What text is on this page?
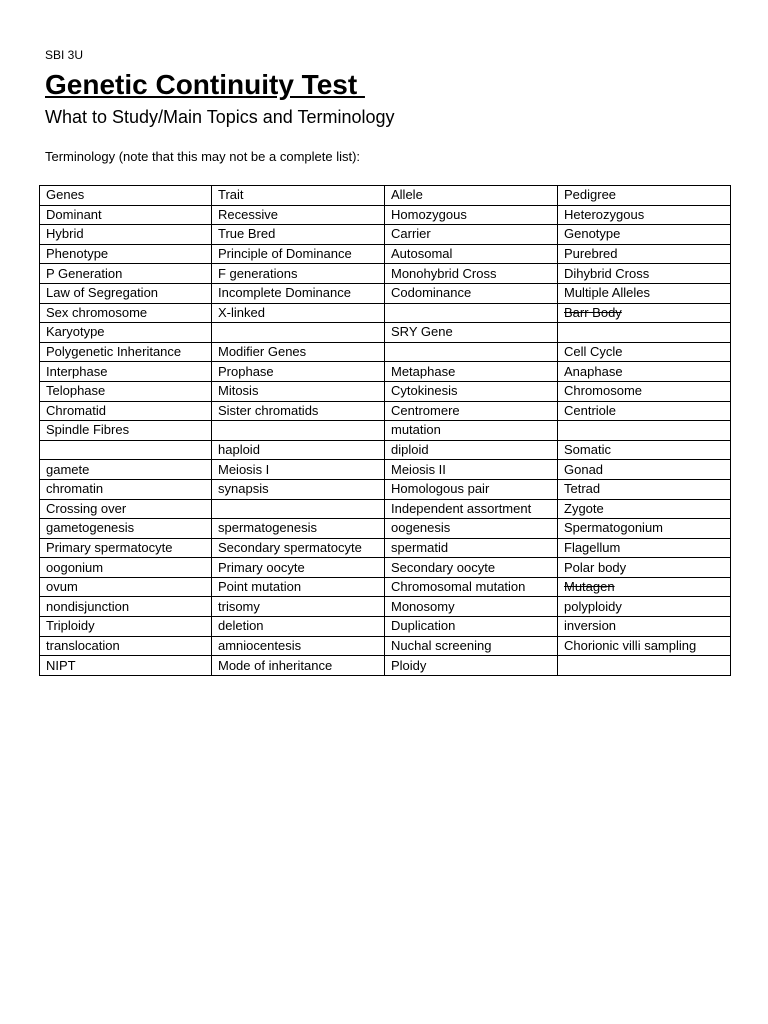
SBI 3U
Genetic Continuity Test
What to Study/Main Topics and Terminology
Terminology (note that this may not be a complete list):
Genes	Trait	Allele	Pedigree
Dominant	Recessive	Homozygous	Heterozygous
Hybrid	True Bred	Carrier	Genotype
Phenotype	Principle of Dominance	Autosomal	Purebred
P Generation	F generations	Monohybrid Cross	Dihybrid Cross
Law of Segregation	Incomplete Dominance	Codominance	Multiple Alleles
Sex chromosome	X-linked		Barr Body
Karyotype		SRY Gene	
Polygenetic Inheritance	Modifier Genes		Cell Cycle
Interphase	Prophase	Metaphase	Anaphase
Telophase	Mitosis	Cytokinesis	Chromosome
Chromatid	Sister chromatids	Centromere	Centriole
Spindle Fibres		mutation	
	haploid	diploid	Somatic
gamete	Meiosis I	Meiosis II	Gonad
chromatin	synapsis	Homologous pair	Tetrad
Crossing over		Independent assortment	Zygote
gametogenesis	spermatogenesis	oogenesis	Spermatogonium
Primary spermatocyte	Secondary spermatocyte	spermatid	Flagellum
oogonium	Primary oocyte	Secondary oocyte	Polar body
ovum	Point mutation	Chromosomal mutation	Mutagen
nondisjunction	trisomy	Monosomy	polyploidy
Triploidy	deletion	Duplication	inversion
translocation	amniocentesis	Nuchal screening	Chorionic villi sampling
NIPT	Mode of inheritance	Ploidy	
